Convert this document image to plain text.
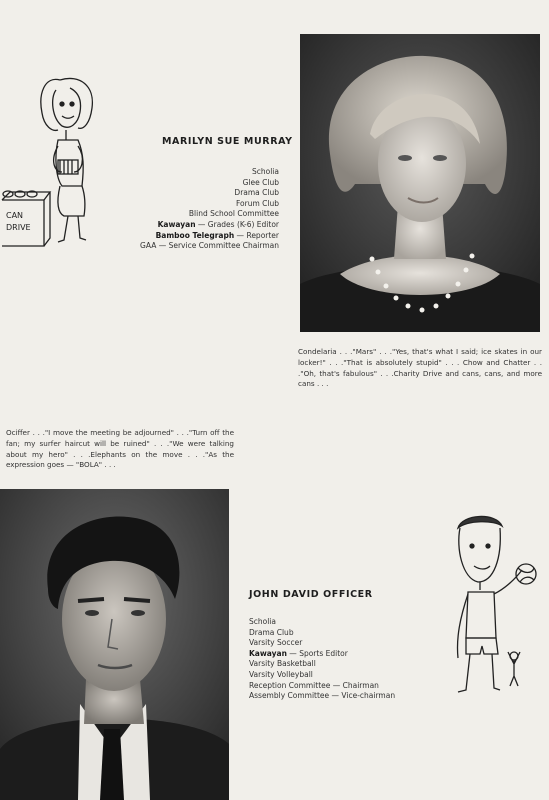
CAN
DRIVE
MARILYN SUE MURRAY
Scholia
Glee Club
Drama Club
Forum Club
Blind School Committee
Kawayan — Grades (K-6) Editor
Bamboo Telegraph — Reporter
GAA — Service Committee Chairman
Condelaria . . ."Mars" . . ."Yes, that's what I said; ice skates in our locker!" . . ."That is absolutely stupid" . . . Chow and Chatter . . ."Oh, that's fabulous" . . .Charity Drive and cans, cans, and more cans . . .
Ociffer . . ."I move the meeting be adjourned" . . ."Turn off the fan; my surfer haircut will be ruined" . . ."We were talking about my hero" . . .Elephants on the move . . ."As the expression goes — "BOLA" . . .
JOHN DAVID OFFICER
Scholia
Drama Club
Varsity Soccer
Kawayan — Sports Editor
Varsity Basketball
Varsity Volleyball
Reception Committee — Chairman
Assembly Committee — Vice-chairman
